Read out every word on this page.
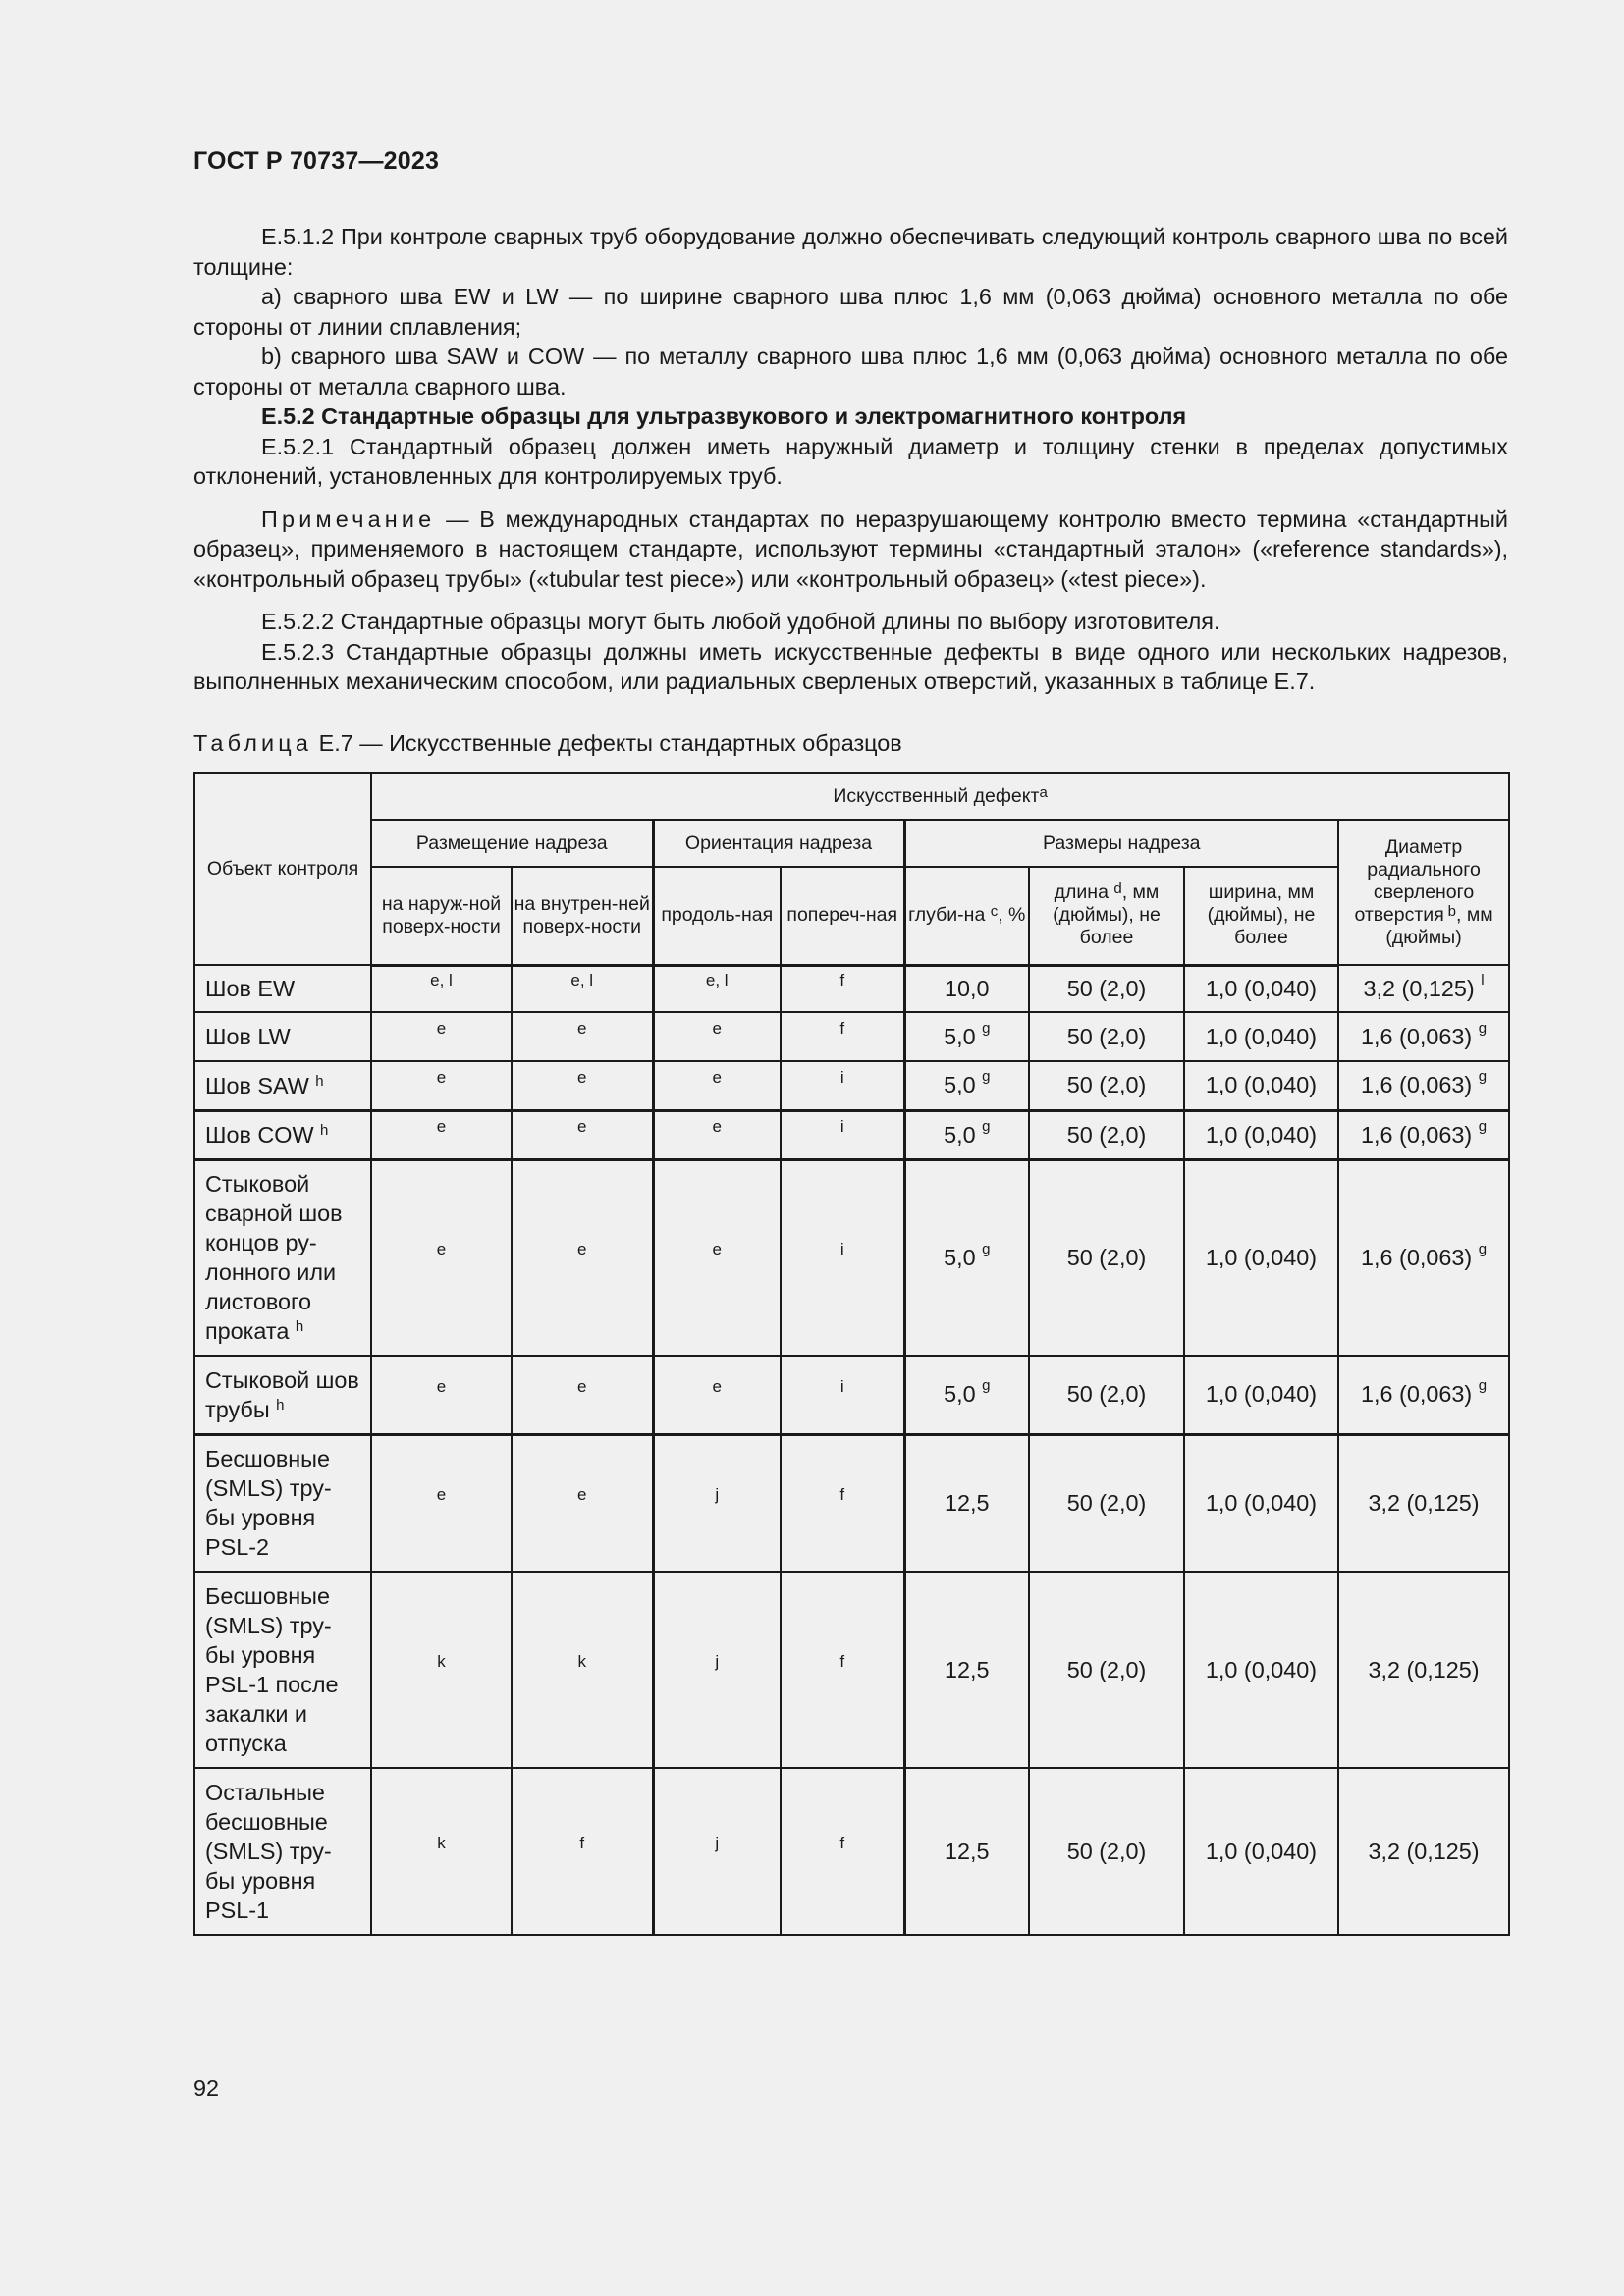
ГОСТ Р 70737—2023

Е.5.1.2 При контроле сварных труб оборудование должно обеспечивать следующий контроль сварного шва по всей толщине:

a) сварного шва EW и LW — по ширине сварного шва плюс 1,6 мм (0,063 дюйма) основного металла по обе стороны от линии сплавления;

b) сварного шва SAW и COW — по металлу сварного шва плюс 1,6 мм (0,063 дюйма) основного металла по обе стороны от металла сварного шва.

Е.5.2 Стандартные образцы для ультразвукового и электромагнитного контроля

Е.5.2.1 Стандартный образец должен иметь наружный диаметр и толщину стенки в пределах допустимых отклонений, установленных для контролируемых труб.

Примечание — В международных стандартах по неразрушающему контролю вместо термина «стандартный образец», применяемого в настоящем стандарте, используют термины «стандартный эталон» («reference standards»), «контрольный образец трубы» («tubular test piece») или «контрольный образец» («test piece»).

Е.5.2.2 Стандартные образцы могут быть любой удобной длины по выбору изготовителя.

Е.5.2.3 Стандартные образцы должны иметь искусственные дефекты в виде одного или нескольких надрезов, выполненных механическим способом, или радиальных сверленых отверстий, указанных в таблице Е.7.

Таблица Е.7 — Искусственные дефекты стандартных образцов
Объект контроля	Искусственный дефект$^a$
	Размещение надреза		Ориентация надреза		Размеры надреза			Диаметр радиального сверленого отверстия  $^b$, мм (дюймы)
	на наруж-ной поверх-ности	на внутрен-ней поверх-ности	продоль-ная	попереч-ная	глуби-на $^c$, %	длина $^d$, мм (дюймы), не более	ширина, мм (дюймы), не более	
Шов EW	e, l	e, l	e, l	f	10,0	50 (2,0)	1,0 (0,040)	3,2 (0,125) $^l$
Шов LW	e	e	e	f	5,0 $^g$	50 (2,0)	1,0 (0,040)	1,6 (0,063) $^g$
Шов SAW $^h$	e	e	e	i	5,0 $^g$	50 (2,0)	1,0 (0,040)	1,6 (0,063) $^g$
Шов COW $^h$	e	e	e	i	5,0 $^g$	50 (2,0)	1,0 (0,040)	1,6 (0,063) $^g$
Стыковой сварной шов концов ру-лонного или листового проката $^h$	e	e	e	i	5,0 $^g$	50 (2,0)	1,0 (0,040)	1,6 (0,063) $^g$
Стыковой шов трубы $^h$	e	e	e	i	5,0 $^g$	50 (2,0)	1,0 (0,040)	1,6 (0,063) $^g$
Бесшовные (SMLS) тру-бы уровня PSL-2	e	e	j	f	12,5	50 (2,0)	1,0 (0,040)	3,2 (0,125)
Бесшовные (SMLS) тру-бы уровня PSL-1 после закалки и отпуска	k	k	j	f	12,5	50 (2,0)	1,0 (0,040)	3,2 (0,125)
Остальные бесшовные (SMLS) тру-бы уровня PSL-1	k	f	j	f	12,5	50 (2,0)	1,0 (0,040)	3,2 (0,125)
92
